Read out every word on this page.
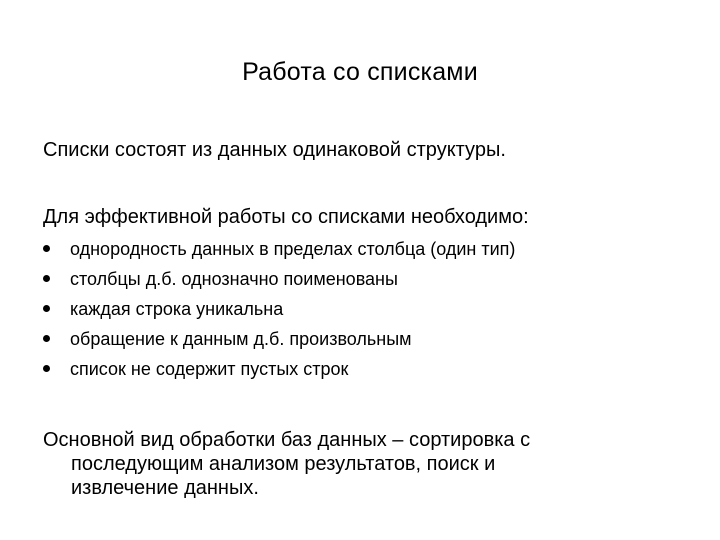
Работа со списками
Списки состоят из данных одинаковой структуры.
Для эффективной работы со списками необходимо:
однородность данных в пределах столбца (один тип)
столбцы д.б. однозначно поименованы
каждая строка уникальна
обращение к данным д.б. произвольным
список не содержит пустых строк
Основной вид обработки баз данных – сортировка с
последующим анализом результатов, поиск и
извлечение данных.
